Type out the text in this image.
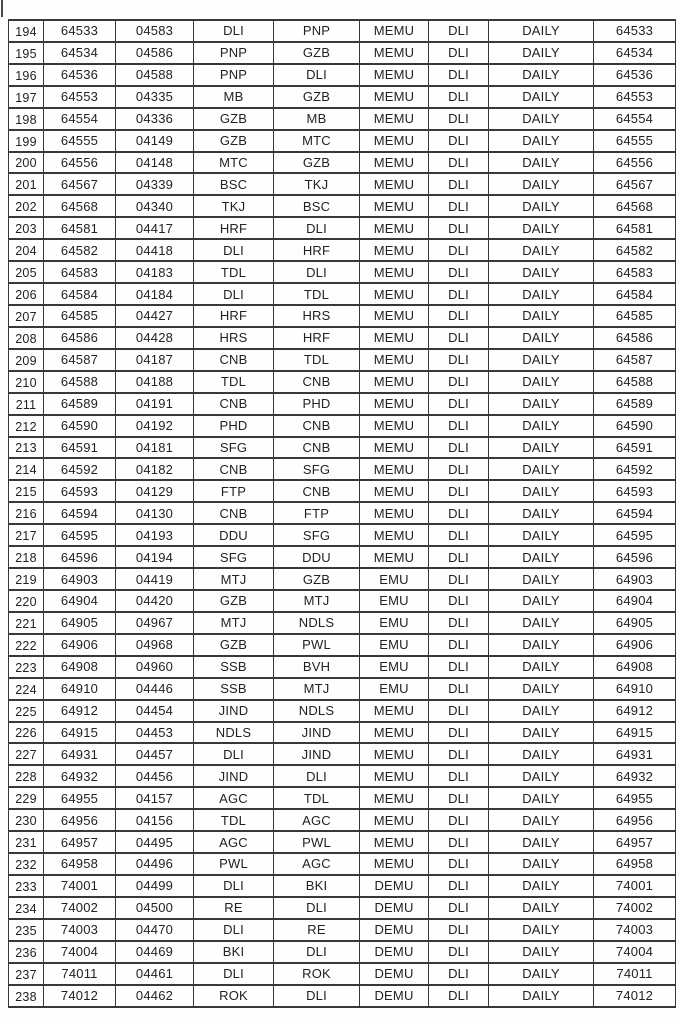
194	64533	04583	DLI	PNP	MEMU	DLI	DAILY	64533
195	64534	04586	PNP	GZB	MEMU	DLI	DAILY	64534
196	64536	04588	PNP	DLI	MEMU	DLI	DAILY	64536
197	64553	04335	MB	GZB	MEMU	DLI	DAILY	64553
198	64554	04336	GZB	MB	MEMU	DLI	DAILY	64554
199	64555	04149	GZB	MTC	MEMU	DLI	DAILY	64555
200	64556	04148	MTC	GZB	MEMU	DLI	DAILY	64556
201	64567	04339	BSC	TKJ	MEMU	DLI	DAILY	64567
202	64568	04340	TKJ	BSC	MEMU	DLI	DAILY	64568
203	64581	04417	HRF	DLI	MEMU	DLI	DAILY	64581
204	64582	04418	DLI	HRF	MEMU	DLI	DAILY	64582
205	64583	04183	TDL	DLI	MEMU	DLI	DAILY	64583
206	64584	04184	DLI	TDL	MEMU	DLI	DAILY	64584
207	64585	04427	HRF	HRS	MEMU	DLI	DAILY	64585
208	64586	04428	HRS	HRF	MEMU	DLI	DAILY	64586
209	64587	04187	CNB	TDL	MEMU	DLI	DAILY	64587
210	64588	04188	TDL	CNB	MEMU	DLI	DAILY	64588
211	64589	04191	CNB	PHD	MEMU	DLI	DAILY	64589
212	64590	04192	PHD	CNB	MEMU	DLI	DAILY	64590
213	64591	04181	SFG	CNB	MEMU	DLI	DAILY	64591
214	64592	04182	CNB	SFG	MEMU	DLI	DAILY	64592
215	64593	04129	FTP	CNB	MEMU	DLI	DAILY	64593
216	64594	04130	CNB	FTP	MEMU	DLI	DAILY	64594
217	64595	04193	DDU	SFG	MEMU	DLI	DAILY	64595
218	64596	04194	SFG	DDU	MEMU	DLI	DAILY	64596
219	64903	04419	MTJ	GZB	EMU	DLI	DAILY	64903
220	64904	04420	GZB	MTJ	EMU	DLI	DAILY	64904
221	64905	04967	MTJ	NDLS	EMU	DLI	DAILY	64905
222	64906	04968	GZB	PWL	EMU	DLI	DAILY	64906
223	64908	04960	SSB	BVH	EMU	DLI	DAILY	64908
224	64910	04446	SSB	MTJ	EMU	DLI	DAILY	64910
225	64912	04454	JIND	NDLS	MEMU	DLI	DAILY	64912
226	64915	04453	NDLS	JIND	MEMU	DLI	DAILY	64915
227	64931	04457	DLI	JIND	MEMU	DLI	DAILY	64931
228	64932	04456	JIND	DLI	MEMU	DLI	DAILY	64932
229	64955	04157	AGC	TDL	MEMU	DLI	DAILY	64955
230	64956	04156	TDL	AGC	MEMU	DLI	DAILY	64956
231	64957	04495	AGC	PWL	MEMU	DLI	DAILY	64957
232	64958	04496	PWL	AGC	MEMU	DLI	DAILY	64958
233	74001	04499	DLI	BKI	DEMU	DLI	DAILY	74001
234	74002	04500	RE	DLI	DEMU	DLI	DAILY	74002
235	74003	04470	DLI	RE	DEMU	DLI	DAILY	74003
236	74004	04469	BKI	DLI	DEMU	DLI	DAILY	74004
237	74011	04461	DLI	ROK	DEMU	DLI	DAILY	74011
238	74012	04462	ROK	DLI	DEMU	DLI	DAILY	74012
